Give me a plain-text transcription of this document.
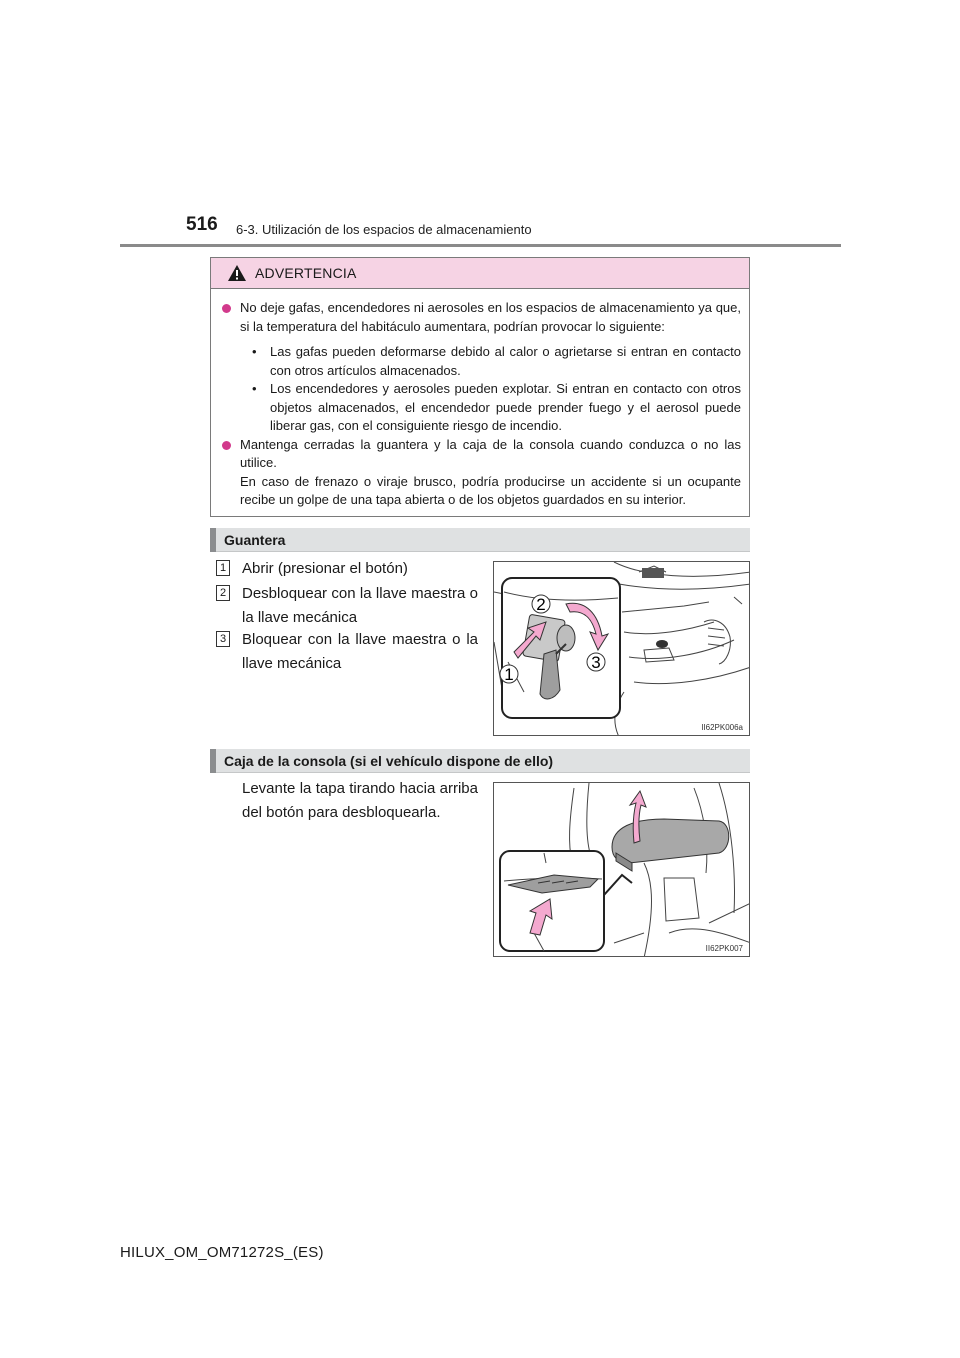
516 6-3. Utilización de los espacios de almacenamiento
ADVERTENCIA
No deje gafas, encendedores ni aerosoles en los espacios de almacenamiento ya que, si la temperatura del habitáculo aumentara, podrían provocar lo siguiente:
• Las gafas pueden deformarse debido al calor o agrietarse si entran en contacto con otros artículos almacenados.
• Los encendedores y aerosoles pueden explotar. Si entran en contacto con otros objetos almacenados, el encendedor puede prender fuego y el aerosol puede liberar gas, con el consiguiente riesgo de incendio.
Mantenga cerradas la guantera y la caja de la consola cuando conduzca o no las utilice.
En caso de frenazo o viraje brusco, podría producirse un accidente si un ocupante recibe un golpe de una tapa abierta o de los objetos guardados en su interior.
Guantera
1	Abrir (presionar el botón)
2	Desbloquear con la llave maestra o la llave mecánica
3	Bloquear con la llave maestra o la llave mecánica
2
1
3
II62PK006a
Caja de la consola (si el vehículo dispone de ello)
Levante la tapa tirando hacia arriba del botón para desbloquearla.
II62PK007
HILUX_OM_OM71272S_(ES)
